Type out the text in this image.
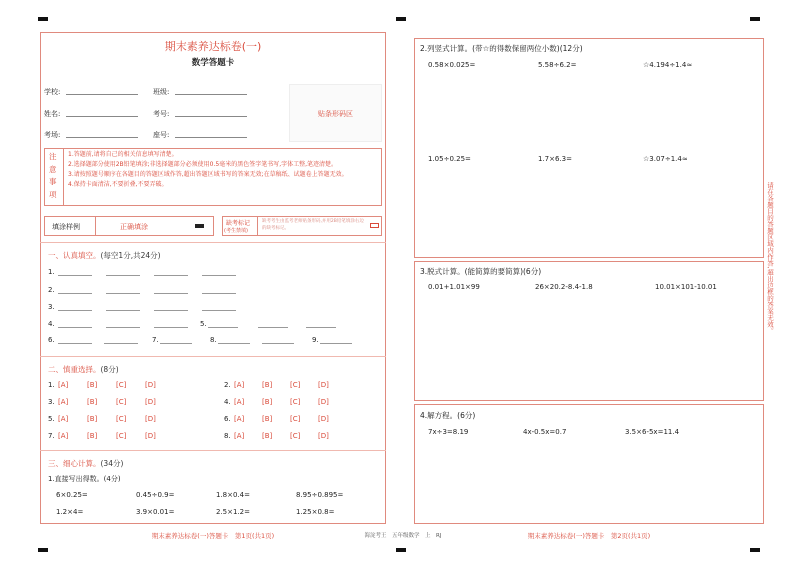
期末素养达标卷(一)
数学答题卡
学校:	班级:
姓名:	考号:
考场:	座号:
贴条形码区
注
意
事
项
1.答题前,请将自己的相关信息填写清楚。
2.选择题部分使用2B铅笔填涂;非选择题部分必须使用0.5毫米的黑色签字笔书写,字体工整,笔迹清楚。
3.请按照题号顺序在各题目的答题区域作答,超出答题区域书写的答案无效;在草稿纸、试题卷上答题无效。
4.保持卡面清洁,不要折叠,不要弄破。
填涂样例	正确填涂	缺考标记
(考生禁填)
缺考考生由监考老师贴条形码,并用2B铅笔填涂右边的缺考标记。
一、认真填空。(每空1分,共24分)
1.
2.
3.
4.	5.
6.	7.	8.	9.
二、慎重选择。(8分)
1. [A]	[B]	[C]	[D]
3. [A]	[B]	[C]	[D]
5. [A]	[B]	[C]	[D]
7. [A]	[B]	[C]	[D]
2. [A]	[B]	[C]	[D]
4. [A]	[B]	[C]	[D]
6. [A]	[B]	[C]	[D]
8. [A]	[B]	[C]	[D]
三、细心计算。(34分)
1.直接写出得数。(4分)
6×0.25=	0.45÷0.9=	1.8×0.4=	8.95÷0.895=
1.2×4=	3.9×0.01=	2.5×1.2=	1.25×0.8=
期末素养达标卷(一)答题卡　第1页(共1页)	海淀考王　五年级数学　上　RJ	期末素养达标卷(一)答题卡　第2页(共1页)
2.列竖式计算。(带☆的得数保留两位小数)(12分)
0.58×0.025=	5.58÷6.2=	☆4.194÷1.4≈
1.05÷0.25=	1.7×6.3=	☆3.07÷1.4≈
3.脱式计算。(能简算的要简算)(6分)
0.01+1.01×99	26×20.2-8.4-1.8	10.01×101-10.01
4.解方程。(6分)
7x÷3=8.19	4x-0.5x=0.7	3.5×6-5x=11.4
请在各题目的答题区域内作答,超出边框的答案无效。
